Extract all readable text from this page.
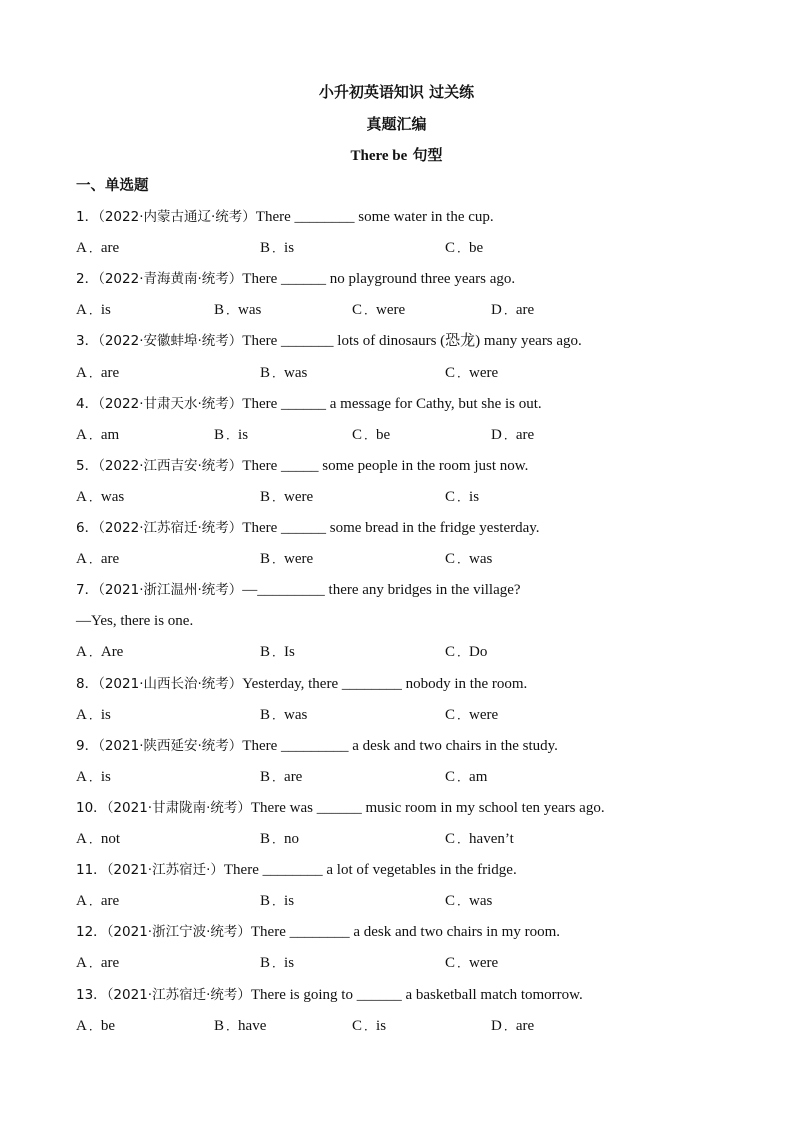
小升初英语知识 过关练
真题汇编
There be 句型
一、单选题
1．（2022·内蒙古通辽·统考）There ________ some water in the cup.
A ．are	B ．is	C ．be
2．（2022·青海黄南·统考）There ______ no playground three years ago.
A ．is	B ．was	C ．were	D ．are
3．（2022·安徽蚌埠·统考）There _______ lots of dinosaurs (恐龙) many years ago.
A ．are	B ．was	C ．were
4．（2022·甘肃天水·统考）There ______ a message for Cathy, but she is out.
A ．am	B ．is	C ．be	D ．are
5．（2022·江西吉安·统考）There _____ some people in the room just now.
A ．was	B ．were	C ．is
6．（2022·江苏宿迁·统考）There ______ some bread in the fridge yesterday.
A ．are	B ．were	C ．was
7．（2021·浙江温州·统考）—_________ there any bridges in the village?
—Yes, there is one.
A ．Are	B ．Is	C ．Do
8．（2021·山西长治·统考）Yesterday, there ________ nobody in the room.
A ．is	B ．was	C ．were
9．（2021·陕西延安·统考）There _________ a desk and two chairs in the study.
A ．is	B ．are	C ．am
10．（2021·甘肃陇南·统考）There was ______ music room in my school ten years ago.
A ．not	B ．no	C ．haven’t
11．（2021·江苏宿迁·）There ________ a lot of vegetables in the fridge.
A ．are	B ．is	C ．was
12．（2021·浙江宁波·统考）There ________ a desk and two chairs in my room.
A ．are	B ．is	C ．were
13．（2021·江苏宿迁·统考）There is going to ______ a basketball match tomorrow.
A ．be	B ．have	C ．is	D ．are
